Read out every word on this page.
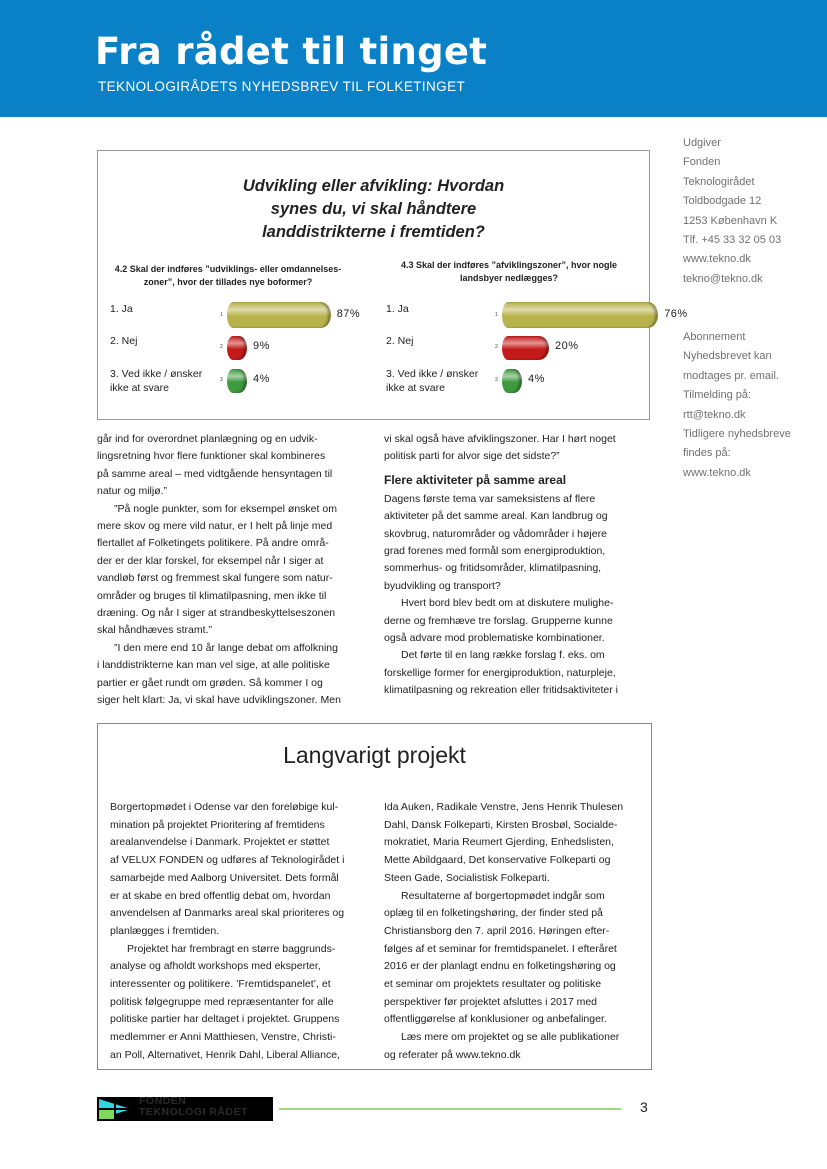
Fra rådet til tinget
TEKNOLOGIRÅDETS NYHEDSBREV TIL FOLKETINGET
Udgiver
Fonden
Teknologirådet
Toldbodgade 12
1253 København K
Tlf. +45 33 32 05 03
www.tekno.dk
tekno@tekno.dk
Abonnement
Nyhedsbrevet kan
modtages pr. email.
Tilmelding på:
rtt@tekno.dk
Tidligere nyhedsbreve
findes på:
www.tekno.dk
Udvikling eller afvikling: Hvordan synes du, vi skal håndtere landdistrikterne i fremtiden?
4.2 Skal der indføres ”udviklings- eller omdannelses-
zoner”, hvor der tillades nye boformer?
1. Ja	1	87%
2. Nej	2	9%
3. Ved ikke / ønsker ikke at svare
3	4%
4.3 Skal der indføres ”afviklingszoner”, hvor nogle
landsbyer nedlægges?
1. Ja	1	76%
2. Nej	2	20%
3. Ved ikke / ønsker ikke at svare
3	4%
går ind for overordnet planlægning og en udvik-
lingsretning hvor flere funktioner skal kombineres
på samme areal – med vidtgående hensyntagen til
natur og miljø.”
”På nogle punkter, som for eksempel ønsket om
mere skov og mere vild natur, er I helt på linje med
flertallet af Folketingets politikere. På andre områ-
der er der klar forskel, for eksempel når I siger at
vandløb først og fremmest skal fungere som natur-
områder og bruges til klimatilpasning, men ikke til
dræning. Og når I siger at strandbeskyttelseszonen
skal håndhæves stramt.”
”I den mere end 10 år lange debat om affolkning
i landdistrikterne kan man vel sige, at alle politiske
partier er gået rundt om grøden. Så kommer I og
siger helt klart: Ja, vi skal have udviklingszoner. Men
vi skal også have afviklingszoner. Har I hørt noget
politisk parti for alvor sige det sidste?”
Flere aktiviteter på samme areal
Dagens første tema var sameksistens af flere
aktiviteter på det samme areal. Kan landbrug og
skovbrug, naturområder og vådområder i højere
grad forenes med formål som energiproduktion,
sommerhus- og fritidsområder, klimatilpasning,
byudvikling og transport?
Hvert bord blev bedt om at diskutere mulighe-
derne og fremhæve tre forslag. Grupperne kunne
også advare mod problematiske kombinationer.
Det førte til en lang række forslag f. eks. om
forskellige former for energiproduktion, naturpleje,
klimatilpasning og rekreation eller fritidsaktiviteter i
Langvarigt projekt
Borgertopmødet i Odense var den foreløbige kul-
mination på projektet Prioritering af fremtidens
arealanvendelse i Danmark. Projektet er støttet
af VELUX FONDEN og udføres af Teknologirådet i
samarbejde med Aalborg Universitet. Dets formål
er at skabe en bred offentlig debat om, hvordan
anvendelsen af Danmarks areal skal prioriteres og
planlægges i fremtiden.
Projektet har frembragt en større baggrunds-
analyse og afholdt workshops med eksperter,
interessenter og politikere. ’Fremtidspanelet’, et
politisk følgegruppe med repræsentanter for alle
politiske partier har deltaget i projektet. Gruppens
medlemmer er Anni Matthiesen, Venstre, Christi-
an Poll, Alternativet, Henrik Dahl, Liberal Alliance,
Ida Auken, Radikale Venstre, Jens Henrik Thulesen
Dahl, Dansk Folkeparti, Kirsten Brosbøl, Socialde-
mokratiet, Maria Reumert Gjerding, Enhedslisten,
Mette Abildgaard, Det konservative Folkeparti og
Steen Gade, Socialistisk Folkeparti.
Resultaterne af borgertopmødet indgår som
oplæg til en folketingshøring, der finder sted på
Christiansborg den 7. april 2016. Høringen efter-
følges af et seminar for fremtidspanelet. I efteråret
2016 er der planlagt endnu en folketingshøring og
et seminar om projektets resultater og politiske
perspektiver før projektet afsluttes i 2017 med
offentliggørelse af konklusioner og anbefalinger.
Læs mere om projektet og se alle publikationer
og referater på www.tekno.dk
FONDEN
TEKNOLOGI RÅDET	3
